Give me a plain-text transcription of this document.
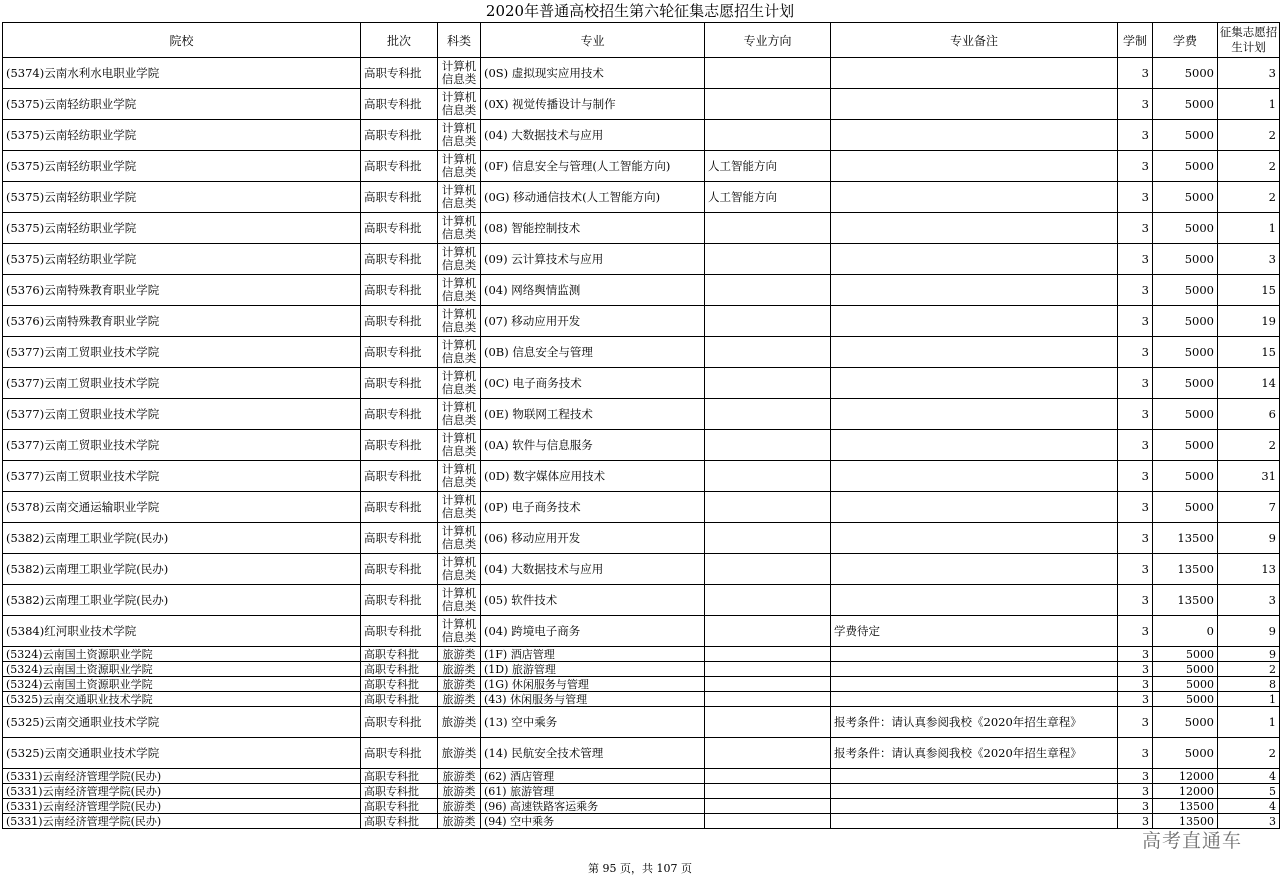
2020年普通高校招生第六轮征集志愿招生计划
院校	批次	科类	专业	专业方向	专业备注	学制	学费	征集志愿招生计划
(5374)云南水利水电职业学院	高职专科批	计算机信息类	(0S) 虚拟现实应用技术			3	5000	3
(5375)云南轻纺职业学院	高职专科批	计算机信息类	(0X) 视觉传播设计与制作			3	5000	1
(5375)云南轻纺职业学院	高职专科批	计算机信息类	(04) 大数据技术与应用			3	5000	2
(5375)云南轻纺职业学院	高职专科批	计算机信息类	(0F) 信息安全与管理(人工智能方向)	人工智能方向		3	5000	2
(5375)云南轻纺职业学院	高职专科批	计算机信息类	(0G) 移动通信技术(人工智能方向)	人工智能方向		3	5000	2
(5375)云南轻纺职业学院	高职专科批	计算机信息类	(08) 智能控制技术			3	5000	1
(5375)云南轻纺职业学院	高职专科批	计算机信息类	(09) 云计算技术与应用			3	5000	3
(5376)云南特殊教育职业学院	高职专科批	计算机信息类	(04) 网络舆情监测			3	5000	15
(5376)云南特殊教育职业学院	高职专科批	计算机信息类	(07) 移动应用开发			3	5000	19
(5377)云南工贸职业技术学院	高职专科批	计算机信息类	(0B) 信息安全与管理			3	5000	15
(5377)云南工贸职业技术学院	高职专科批	计算机信息类	(0C) 电子商务技术			3	5000	14
(5377)云南工贸职业技术学院	高职专科批	计算机信息类	(0E) 物联网工程技术			3	5000	6
(5377)云南工贸职业技术学院	高职专科批	计算机信息类	(0A) 软件与信息服务			3	5000	2
(5377)云南工贸职业技术学院	高职专科批	计算机信息类	(0D) 数字媒体应用技术			3	5000	31
(5378)云南交通运输职业学院	高职专科批	计算机信息类	(0P) 电子商务技术			3	5000	7
(5382)云南理工职业学院(民办)	高职专科批	计算机信息类	(06) 移动应用开发			3	13500	9
(5382)云南理工职业学院(民办)	高职专科批	计算机信息类	(04) 大数据技术与应用			3	13500	13
(5382)云南理工职业学院(民办)	高职专科批	计算机信息类	(05) 软件技术			3	13500	3
(5384)红河职业技术学院	高职专科批	计算机信息类	(04) 跨境电子商务		学费待定	3	0	9
(5324)云南国土资源职业学院	高职专科批	旅游类	(1F) 酒店管理			3	5000	9
(5324)云南国土资源职业学院	高职专科批	旅游类	(1D) 旅游管理			3	5000	2
(5324)云南国土资源职业学院	高职专科批	旅游类	(1G) 休闲服务与管理			3	5000	8
(5325)云南交通职业技术学院	高职专科批	旅游类	(43) 休闲服务与管理			3	5000	1
(5325)云南交通职业技术学院	高职专科批	旅游类	(13) 空中乘务		报考条件：请认真参阅我校《2020年招生章程》	3	5000	1
(5325)云南交通职业技术学院	高职专科批	旅游类	(14) 民航安全技术管理		报考条件：请认真参阅我校《2020年招生章程》	3	5000	2
(5331)云南经济管理学院(民办)	高职专科批	旅游类	(62) 酒店管理			3	12000	4
(5331)云南经济管理学院(民办)	高职专科批	旅游类	(61) 旅游管理			3	12000	5
(5331)云南经济管理学院(民办)	高职专科批	旅游类	(96) 高速铁路客运乘务			3	13500	4
(5331)云南经济管理学院(民办)	高职专科批	旅游类	(94) 空中乘务			3	13500	3
高考直通车
第 95 页，共 107 页
